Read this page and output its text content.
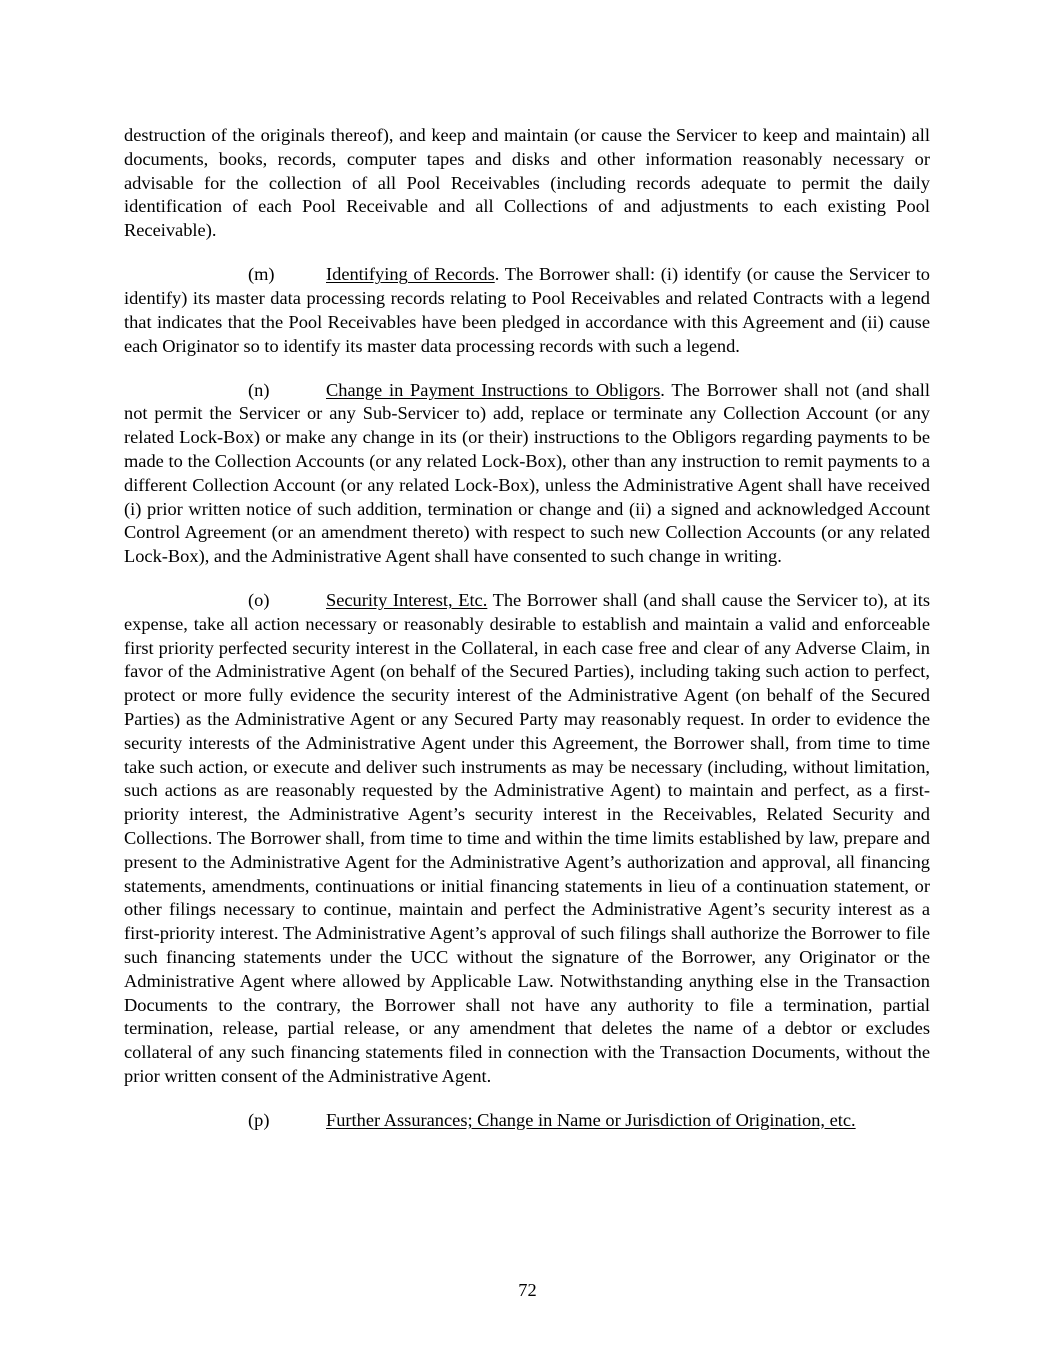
destruction of the originals thereof), and keep and maintain (or cause the Servicer to keep and maintain) all documents, books, records, computer tapes and disks and other information reasonably necessary or advisable for the collection of all Pool Receivables (including records adequate to permit the daily identification of each Pool Receivable and all Collections of and adjustments to each existing Pool Receivable).

(m)	Identifying of Records. The Borrower shall: (i) identify (or cause the Servicer to identify) its master data processing records relating to Pool Receivables and related Contracts with a legend that indicates that the Pool Receivables have been pledged in accordance with this Agreement and (ii) cause each Originator so to identify its master data processing records with such a legend.

(n)	Change in Payment Instructions to Obligors. The Borrower shall not (and shall not permit the Servicer or any Sub-Servicer to) add, replace or terminate any Collection Account (or any related Lock-Box) or make any change in its (or their) instructions to the Obligors regarding payments to be made to the Collection Accounts (or any related Lock-Box), other than any instruction to remit payments to a different Collection Account (or any related Lock-Box), unless the Administrative Agent shall have received (i) prior written notice of such addition, termination or change and (ii) a signed and acknowledged Account Control Agreement (or an amendment thereto) with respect to such new Collection Accounts (or any related Lock-Box), and the Administrative Agent shall have consented to such change in writing.

(o)	Security Interest, Etc. The Borrower shall (and shall cause the Servicer to), at its expense, take all action necessary or reasonably desirable to establish and maintain a valid and enforceable first priority perfected security interest in the Collateral, in each case free and clear of any Adverse Claim, in favor of the Administrative Agent (on behalf of the Secured Parties), including taking such action to perfect, protect or more fully evidence the security interest of the Administrative Agent (on behalf of the Secured Parties) as the Administrative Agent or any Secured Party may reasonably request. In order to evidence the security interests of the Administrative Agent under this Agreement, the Borrower shall, from time to time take such action, or execute and deliver such instruments as may be necessary (including, without limitation, such actions as are reasonably requested by the Administrative Agent) to maintain and perfect, as a first-priority interest, the Administrative Agent’s security interest in the Receivables, Related Security and Collections. The Borrower shall, from time to time and within the time limits established by law, prepare and present to the Administrative Agent for the Administrative Agent’s authorization and approval, all financing statements, amendments, continuations or initial financing statements in lieu of a continuation statement, or other filings necessary to continue, maintain and perfect the Administrative Agent’s security interest as a first-priority interest. The Administrative Agent’s approval of such filings shall authorize the Borrower to file such financing statements under the UCC without the signature of the Borrower, any Originator or the Administrative Agent where allowed by Applicable Law. Notwithstanding anything else in the Transaction Documents to the contrary, the Borrower shall not have any authority to file a termination, partial termination, release, partial release, or any amendment that deletes the name of a debtor or excludes collateral of any such financing statements filed in connection with the Transaction Documents, without the prior written consent of the Administrative Agent.

(p)	Further Assurances; Change in Name or Jurisdiction of Origination, etc.

72
